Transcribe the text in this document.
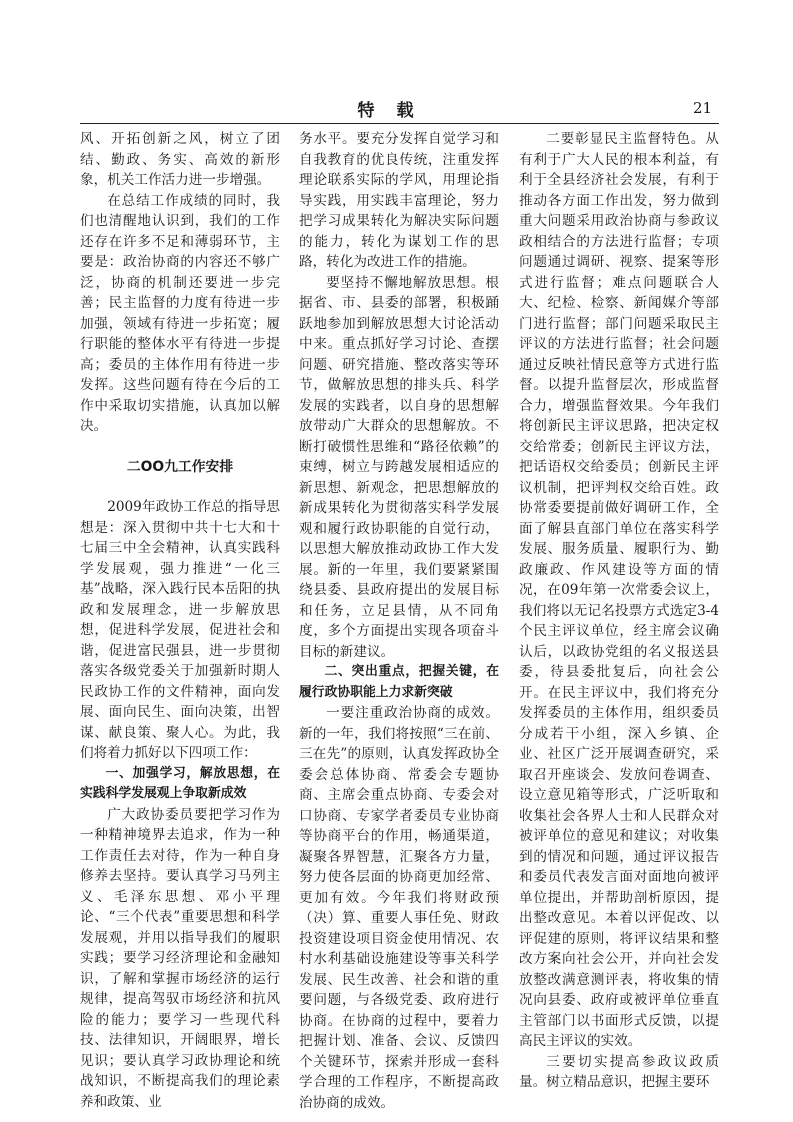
特载	21

风、开拓创新之风，树立了团结、勤政、务实、高效的新形象，机关工作活力进一步增强。

在总结工作成绩的同时，我们也清醒地认识到，我们的工作还存在许多不足和薄弱环节，主要是：政治协商的内容还不够广泛，协商的机制还要进一步完善；民主监督的力度有待进一步加强，领域有待进一步拓宽；履行职能的整体水平有待进一步提高；委员的主体作用有待进一步发挥。这些问题有待在今后的工作中采取切实措施，认真加以解决。

二OO九工作安排

2009年政协工作总的指导思想是：深入贯彻中共十七大和十七届三中全会精神，认真实践科学发展观，强力推进“一化三基”战略，深入践行民本岳阳的执政和发展理念，进一步解放思想，促进科学发展，促进社会和谐，促进富民强县，进一步贯彻落实各级党委关于加强新时期人民政协工作的文件精神，面向发展、面向民生、面向决策，出智谋、献良策、聚人心。为此，我们将着力抓好以下四项工作：

一、加强学习，解放思想，在实践科学发展观上争取新成效

广大政协委员要把学习作为一种精神境界去追求，作为一种工作责任去对待，作为一种自身修养去坚持。要认真学习马列主义、毛泽东思想、邓小平理论、“三个代表”重要思想和科学发展观，并用以指导我们的履职实践；要学习经济理论和金融知识，了解和掌握市场经济的运行规律，提高驾驭市场经济和抗风险的能力；要学习一些现代科技、法律知识，开阔眼界，增长见识；要认真学习政协理论和统战知识，不断提高我们的理论素养和政策、业

务水平。要充分发挥自觉学习和自我教育的优良传统，注重发挥理论联系实际的学风，用理论指导实践，用实践丰富理论，努力把学习成果转化为解决实际问题的能力，转化为谋划工作的思路，转化为改进工作的措施。

要坚持不懈地解放思想。根据省、市、县委的部署，积极踊跃地参加到解放思想大讨论活动中来。重点抓好学习讨论、查摆问题、研究措施、整改落实等环节，做解放思想的排头兵、科学发展的实践者，以自身的思想解放带动广大群众的思想解放。不断打破惯性思维和“路径依赖”的束缚，树立与跨越发展相适应的新思想、新观念，把思想解放的新成果转化为贯彻落实科学发展观和履行政协职能的自觉行动，以思想大解放推动政协工作大发展。新的一年里，我们要紧紧围绕县委、县政府提出的发展目标和任务，立足县情，从不同角度，多个方面提出实现各项奋斗目标的新建议。

二、突出重点，把握关键，在履行政协职能上力求新突破

一要注重政治协商的成效。新的一年，我们将按照“三在前、三在先”的原则，认真发挥政协全委会总体协商、常委会专题协商、主席会重点协商、专委会对口协商、专家学者委员专业协商等协商平台的作用，畅通渠道，凝聚各界智慧，汇聚各方力量，努力使各层面的协商更加经常、更加有效。今年我们将财政预（决）算、重要人事任免、财政投资建设项目资金使用情况、农村水利基础设施建设等事关科学发展、民生改善、社会和谐的重要问题，与各级党委、政府进行协商。在协商的过程中，要着力把握计划、准备、会议、反馈四个关键环节，探索并形成一套科学合理的工作程序，不断提高政治协商的成效。

二要彰显民主监督特色。从有利于广大人民的根本利益，有利于全县经济社会发展，有利于推动各方面工作出发，努力做到重大问题采用政治协商与参政议政相结合的方法进行监督；专项问题通过调研、视察、提案等形式进行监督；难点问题联合人大、纪检、检察、新闻媒介等部门进行监督；部门问题采取民主评议的方法进行监督；社会问题通过反映社情民意等方式进行监督。以提升监督层次，形成监督合力，增强监督效果。今年我们将创新民主评议思路，把决定权交给常委；创新民主评议方法，把话语权交给委员；创新民主评议机制，把评判权交给百姓。政协常委要提前做好调研工作，全面了解县直部门单位在落实科学发展、服务质量、履职行为、勤政廉政、作风建设等方面的情况，在09年第一次常委会议上，我们将以无记名投票方式选定3-4个民主评议单位，经主席会议确认后，以政协党组的名义报送县委，待县委批复后，向社会公开。在民主评议中，我们将充分发挥委员的主体作用，组织委员分成若干小组，深入乡镇、企业、社区广泛开展调查研究，采取召开座谈会、发放问卷调查、设立意见箱等形式，广泛听取和收集社会各界人士和人民群众对被评单位的意见和建议；对收集到的情况和问题，通过评议报告和委员代表发言面对面地向被评单位提出，并帮助剖析原因，提出整改意见。本着以评促改、以评促建的原则，将评议结果和整改方案向社会公开，并向社会发放整改满意测评表，将收集的情况向县委、政府或被评单位垂直主管部门以书面形式反馈，以提高民主评议的实效。

三要切实提高参政议政质量。树立精品意识，把握主要环
